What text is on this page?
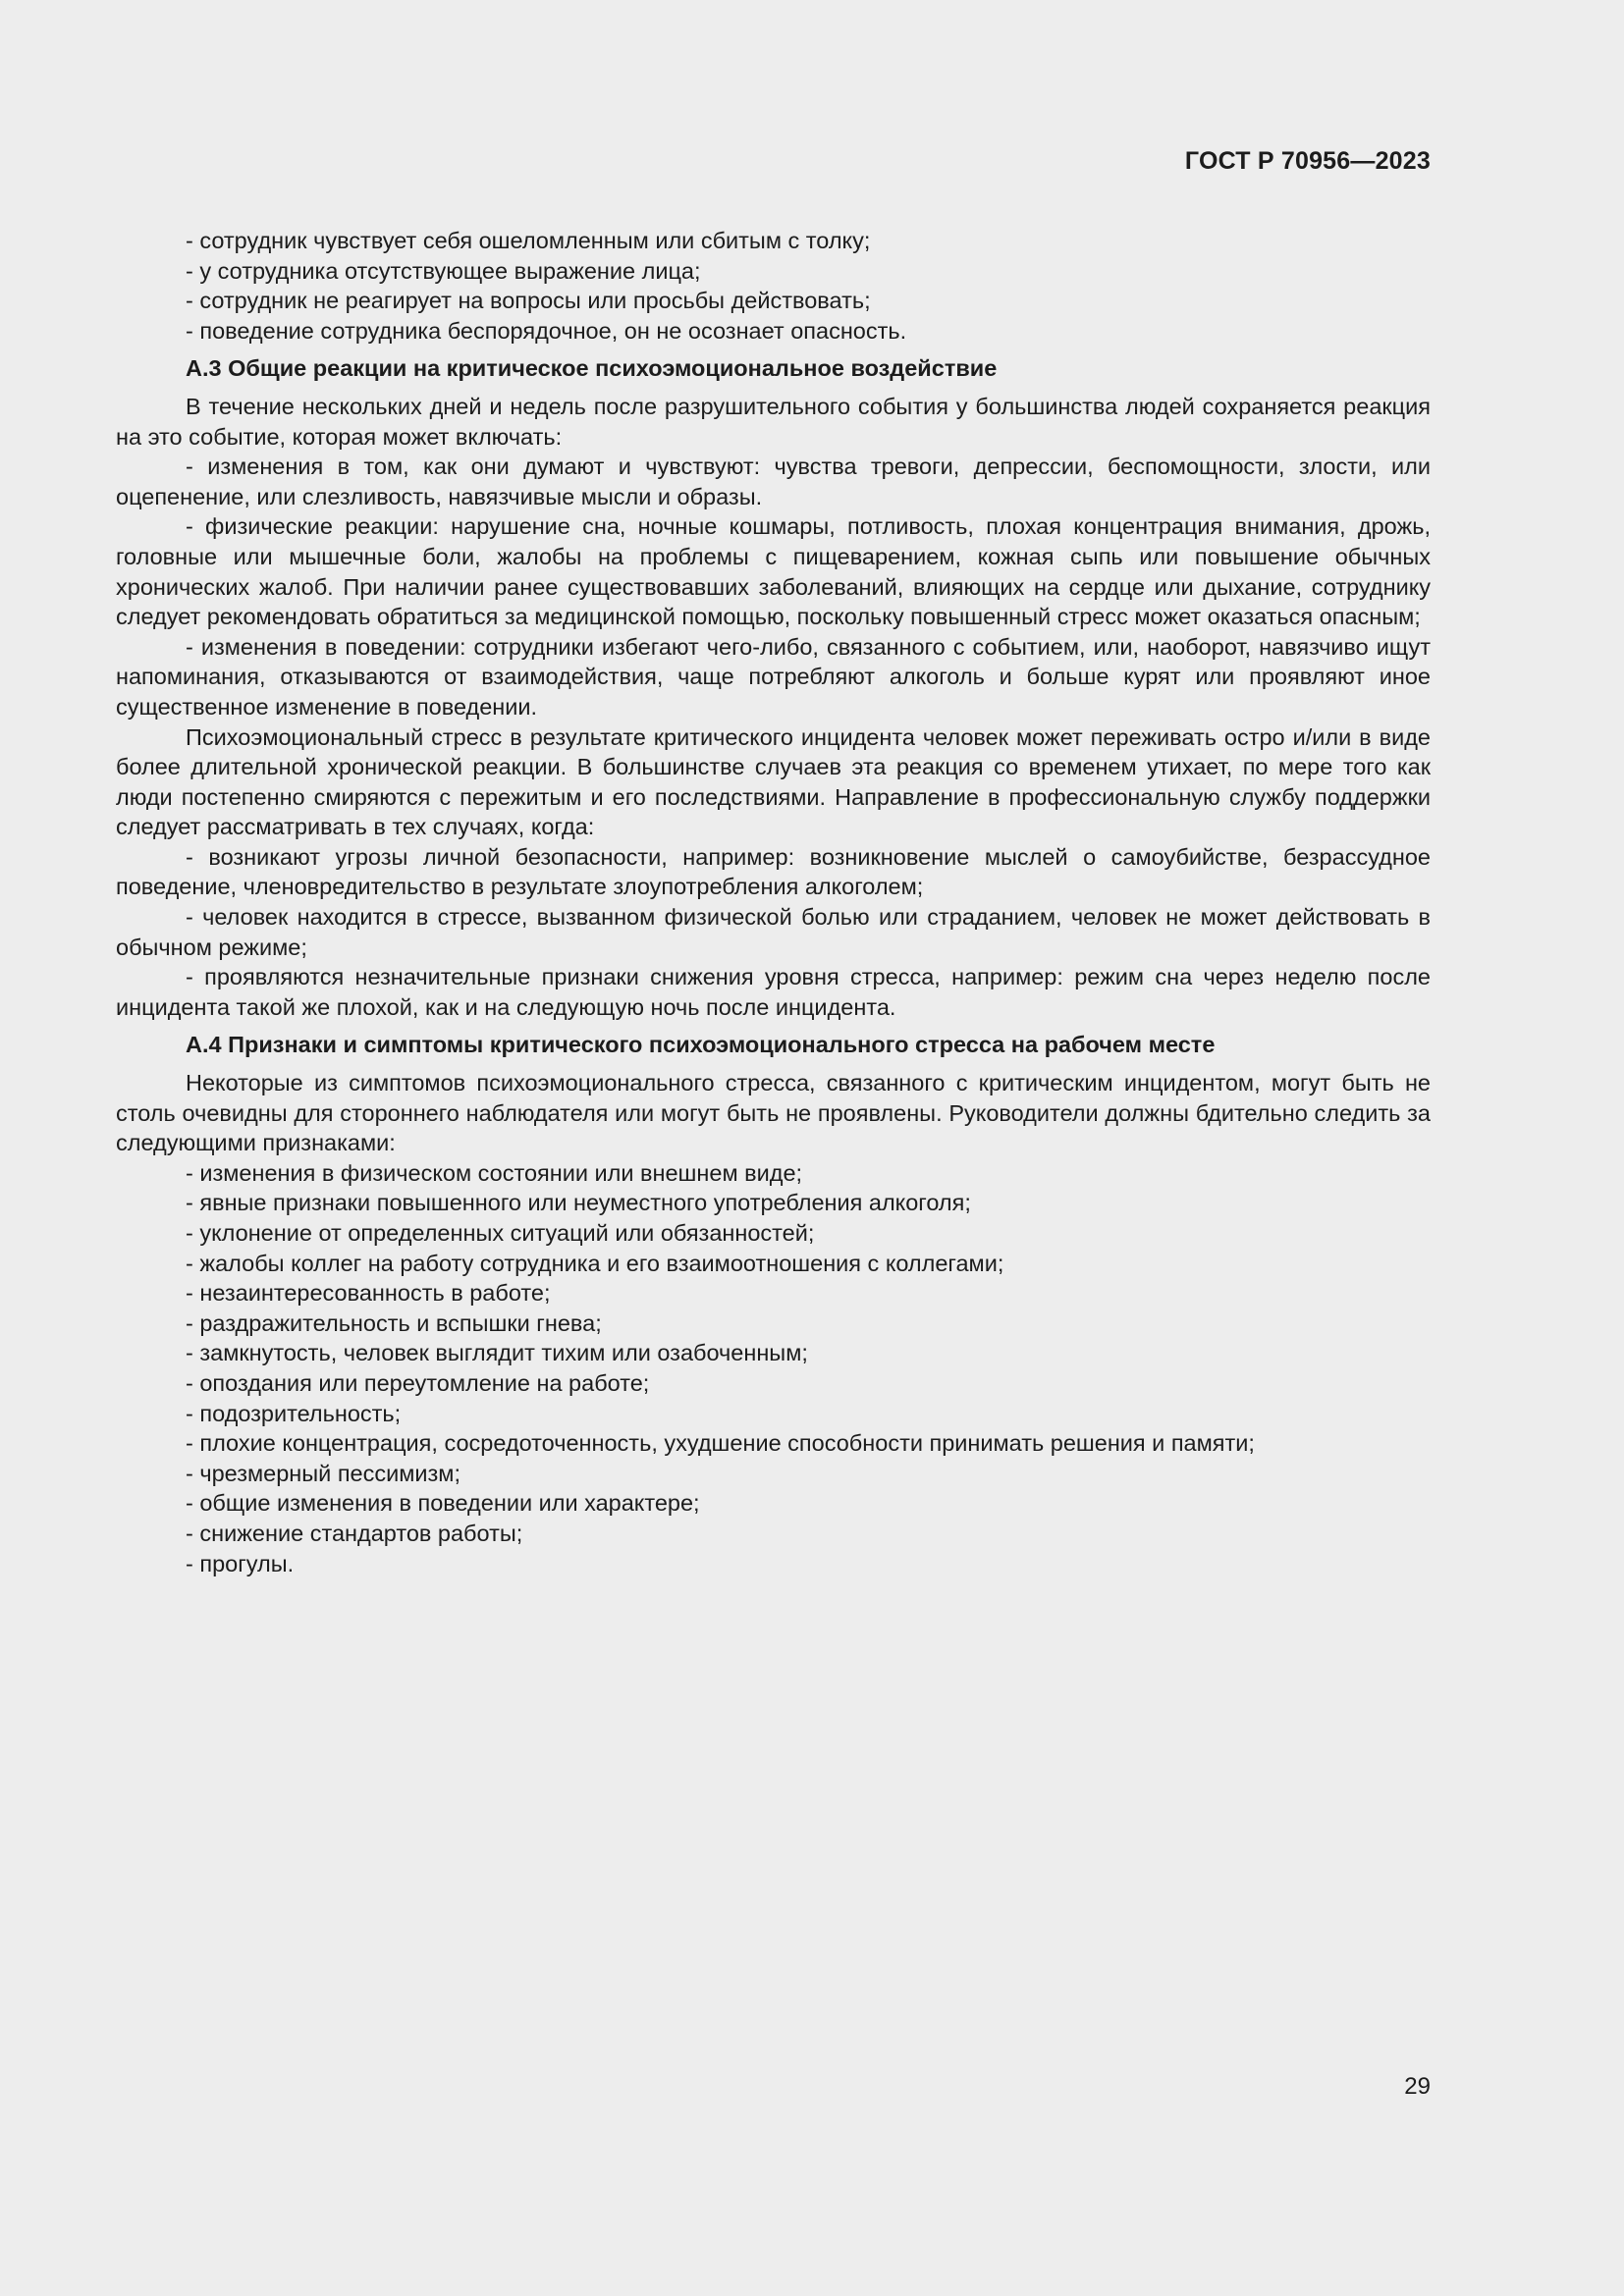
ГОСТ Р 70956—2023

- сотрудник чувствует себя ошеломленным или сбитым с толку;

- у сотрудника отсутствующее выражение лица;

- сотрудник не реагирует на вопросы или просьбы действовать;

- поведение сотрудника беспорядочное, он не осознает опасность.

А.3 Общие реакции на критическое психоэмоциональное воздействие

В течение нескольких дней и недель после разрушительного события у большинства людей сохраняется реакция на это событие, которая может включать:

- изменения в том, как они думают и чувствуют: чувства тревоги, депрессии, беспомощности, злости, или оцепенение, или слезливость, навязчивые мысли и образы.

- физические реакции: нарушение сна, ночные кошмары, потливость, плохая концентрация внимания, дрожь, головные или мышечные боли, жалобы на проблемы с пищеварением, кожная сыпь или повышение обычных хронических жалоб. При наличии ранее существовавших заболеваний, влияющих на сердце или дыхание, сотруднику следует рекомендовать обратиться за медицинской помощью, поскольку повышенный стресс может оказаться опасным;

- изменения в поведении: сотрудники избегают чего-либо, связанного с событием, или, наоборот, навязчиво ищут напоминания, отказываются от взаимодействия, чаще потребляют алкоголь и больше курят или проявляют иное существенное изменение в поведении.

Психоэмоциональный стресс в результате критического инцидента человек может переживать остро и/или в виде более длительной хронической реакции. В большинстве случаев эта реакция со временем утихает, по мере того как люди постепенно смиряются с пережитым и его последствиями. Направление в профессиональную службу поддержки следует рассматривать в тех случаях, когда:

- возникают угрозы личной безопасности, например: возникновение мыслей о самоубийстве, безрассудное поведение, членовредительство в результате злоупотребления алкоголем;

- человек находится в стрессе, вызванном физической болью или страданием, человек не может действовать в обычном режиме;

- проявляются незначительные признаки снижения уровня стресса, например: режим сна через неделю после инцидента такой же плохой, как и на следующую ночь после инцидента.

А.4 Признаки и симптомы критического психоэмоционального стресса на рабочем месте

Некоторые из симптомов психоэмоционального стресса, связанного с критическим инцидентом, могут быть не столь очевидны для стороннего наблюдателя или могут быть не проявлены. Руководители должны бдительно следить за следующими признаками:

- изменения в физическом состоянии или внешнем виде;

- явные признаки повышенного или неуместного употребления алкоголя;

- уклонение от определенных ситуаций или обязанностей;

- жалобы коллег на работу сотрудника и его взаимоотношения с коллегами;

- незаинтересованность в работе;

- раздражительность и вспышки гнева;

- замкнутость, человек выглядит тихим или озабоченным;

- опоздания или переутомление на работе;

- подозрительность;

- плохие концентрация, сосредоточенность, ухудшение способности принимать решения и памяти;

- чрезмерный пессимизм;

- общие изменения в поведении или характере;

- снижение стандартов работы;

- прогулы.

29
